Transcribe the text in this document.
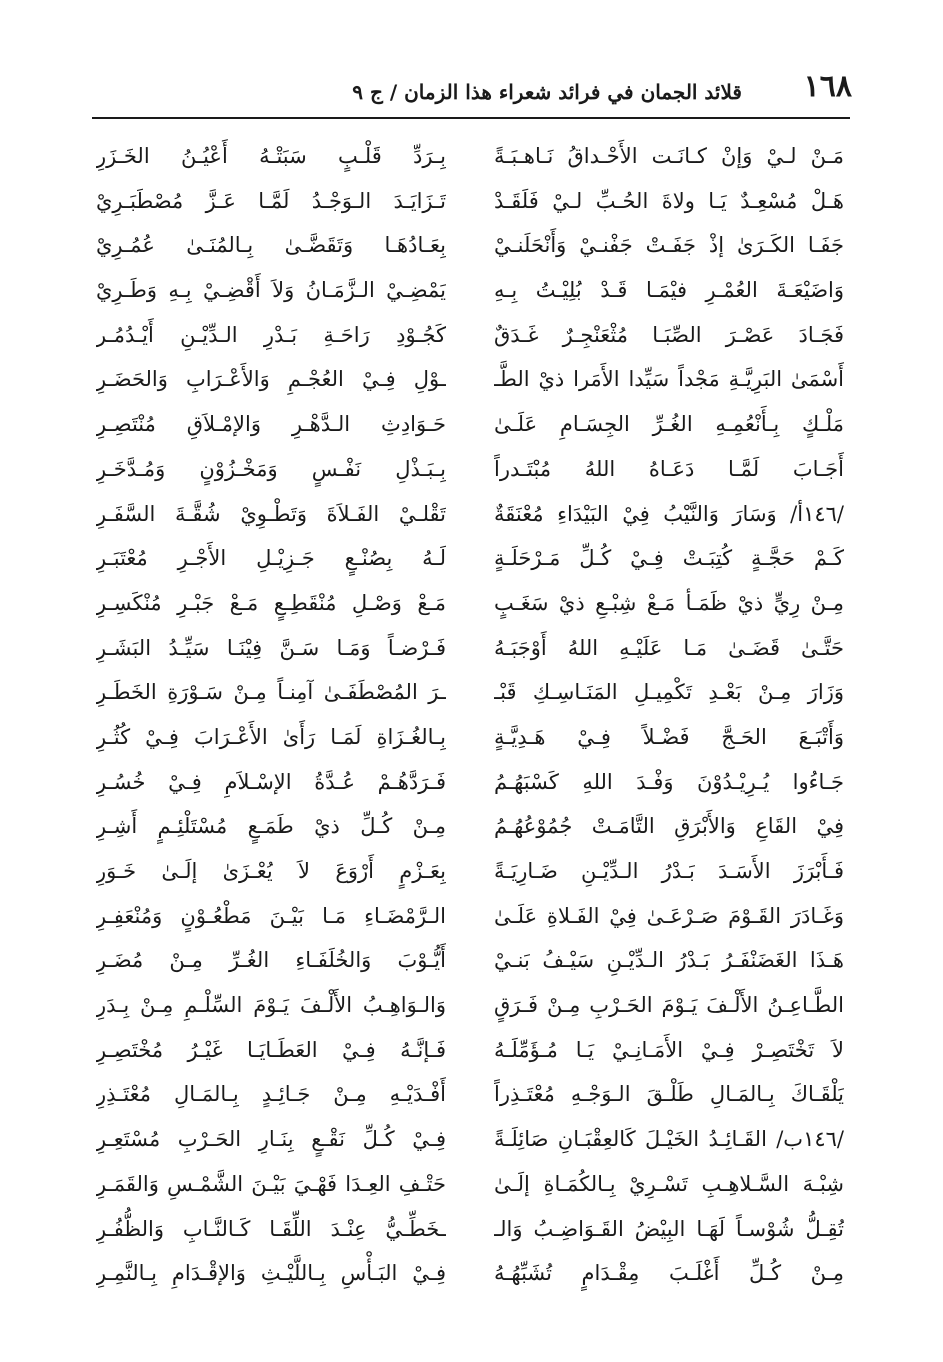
١٦٨
قلائد الجمان في فرائد شعراء هذا الزمان / ج ٩
مَـنْ لـيْ وَإنْ كـانَـت الأَحْـداقُ نَـاهـبَـةً
هَـلْ مُسْعِـدٌ يَـا ولاةَ الحُـبِّ لـيْ فَلَقَـدْ
جَفَـا الكَـرَىٰ إذْ جَفَـتْ جَفْنـيْ وَأَنْحَلَنـيْ
وَاضَيْعَـةَ العُمْـرِ فيْمَـا قَـدْ بُلِيْـتُ بِـهِ
فَجَـادَ عَصْـرَ الصِّبَـا مُثْعَنْجِـرٌ غَـدَقٌ
أَسْمَىٰ البَرِيَّـةِ مَجْداً سَيِّدا الأَمَرا ذيْ الطَّـ
مَلْـكٍ بِـأَنْعُمِـهِ الغُـرِّ الجِسَـامِ عَلَـىٰ
أَجَـابَ لَمَّـا دَعَـاهُ اللهُ مُبْتَـدراً
/١٤٦أ/ وَسَارَ وَالنَّيْبُ فِيْ البَيْدَاءِ مُعْنَقَةٌ
كَـمْ حَجَّـةٍ كُتِبَـتْ فِـيْ كُـلِّ مَـرْحَلَـةٍ
مِـنْ رِيٍّ ذيْ ظَمَـأ مَـعْ شِبْـعِ ذيْ سَغَـبٍ
حَتَّـىٰ قَضَـىٰ مَـا عَلَيْـهِ اللهُ أَوْجَبَـهُ
وَزَارَ مِـنْ بَعْـدِ تَكْمِيـلِ المَنَـاسِـكِ قَبْـ
وَأَتْبَـعَ الحَـجَّ فَضْـلاً فِـيْ هَـدِيَّـةٍ
جَـاءُوا يُـرِيْـدُوْنَ وَفْـدَ اللهِ كَسْبَهُـمُ
فِيْ القَاعِ وَالأَبْرَقِ التَّامَـتْ جُمُوْعُهُـمُ
فَـأَبْرَزَ الأَسَـدَ بَـدْرُ الـدِّيْـنِ ضَـارِيَـةً
وَغَـادَرَ القَـوْمَ صَـرْعَـىٰ فِيْ الفَـلاةِ عَلَـىٰ
هَـذَا الغَضَنْفَـرُ بَـدْرُ الـدِّيْـنِ سَيْـفُ بَنـيْ
الطَّـاعِـنُ الأَلْـفَ يَـوْمَ الحَـرْبِ مِـنْ فَـرَقٍ
لاَ تَخْتَصِـرْ فِـيْ الأَمَـانِـيْ يَـا مُـؤَمِّلَـهُ
يَلْقَـاكَ بِـالمَـالِ طَلْـقَ الـوَجْـهِ مُعْتَـذِراً
/١٤٦ب/ القَـائِـدُ الخَيْـلَ كَالعِقْبَـانِ صَائِلَـةً
شِبْـهَ السَّـلاهِـبِ تَسْـرِيْ بِـالكُمَـاةِ إلَـىٰ
تُقِـلُّ شُوْسـاً لَهَـا البِيْضُ القَـوَاضِـبُ وَالـ
مِـنْ كُـلِّ أَغْلَـبَ مِقْـدَامٍ تُشَبِّهُـهُ
بِـرَدِّ قَلْـبٍ سَبَتْـهُ أَعْيُـنُ الخَـزَرِ
تَـزَايَـدَ الـوَجْـدُ لَمَّـا عَـزَّ مُصْطَبَـرِيْ
بِعَـادُهَـا وَتَقَضَّـىٰ بِـالمُنَـىٰ عُمُـرِيْ
يَمْضِـيْ الـزَّمَـانُ وَلاَ أَقْضِـيْ بِـهِ وَطَـرِيْ
كَجُـوْدِ رَاحَـةِ بَـدْرِ الـدِّيْـنِ أَيْـدُمُـر
ـوْلِ فِـيْ العُجْـمِ وَالأَعْـرَابِ وَالحَضَـرِ
حَـوَادِثِ الـدَّهْـرِ وَالإمْـلاَقِ مُنْتَصِـرِ
بِـبَـذْلِ نَفْـسٍ وَمَخْـزُوْنٍ وَمُـدَّخَـرِ
تَقْلـيْ الفَـلاَةَ وَتَطْـوِيْ شُقَّـةَ السَّفَـرِ
لَـهُ بِصُنْـعٍ جَـزِيْـلِ الأَجْـرِ مُعْتَبَـرِ
مَـعْ وَصْـلِ مُنْقَطِـعٍ مَـعْ جَبْـرِ مُنْكَسِـرِ
فَـرْضـاً وَمَـا سَـنَّ فِيْنَـا سَيِّـدُ البَشَـرِ
ـرَ المُصْطَفَـىٰ آمِنـاً مِـنْ سَـوْرَةِ الخَطَـرِ
بِـالغُـزَاةِ لَمَـا رَأَىٰ الأَعْـرَابَ فِـيْ كُثُـرِ
فَـرَدَّهُـمْ عُـدَّةُ الإسْـلاَمِ فِـيْ خُسُـرِ
مِـنْ كُـلِّ ذيْ طَمَـعٍ مُسْتَلْئِـمٍ أَشِـرِ
بِعَـزْمٍ أَرْوَعَ لاَ يُعْـزَىٰ إلَـىٰ خَـوَرِ
الـرَّمْضَـاءِ مَـا بَيْـنَ مَطْعُـوْنٍ وَمُنْعَفِـرِ
أَيُّـوْبَ وَالخُلَفَـاءِ الغُـرِّ مِـنْ مُضَـرِ
وَالـوَاهِـبُ الأَلْـفَ يَـوْمَ السِّلْـمِ مِـنْ بِـدَرِ
فَـإنَّـهُ فِـيْ العَطَـايَـا غَيْـرُ مُخْتَصِـرِ
أَفْـدَيْـهِ مِـنْ جَـائِـدٍ بِـالمَـالِ مُعْتَـذِرِ
فِـيْ كُـلِّ نَقْـعٍ بِنَـارِ الحَـرْبِ مُسْتَعِـرِ
حَتْـفِ العِـدَا فَهْـيَ بَيْـنَ الشَّمْـسِ وَالقَمَـرِ
ـخَطِّـيُّ عِنْـدَ اللِّقَـا كَـالنَّـابِ وَالظُّفُـرِ
فِـيْ البَـأْسِ بِـاللَّيْـثِ وَالإقْـدَامِ بِـالنَّمِـرِ
